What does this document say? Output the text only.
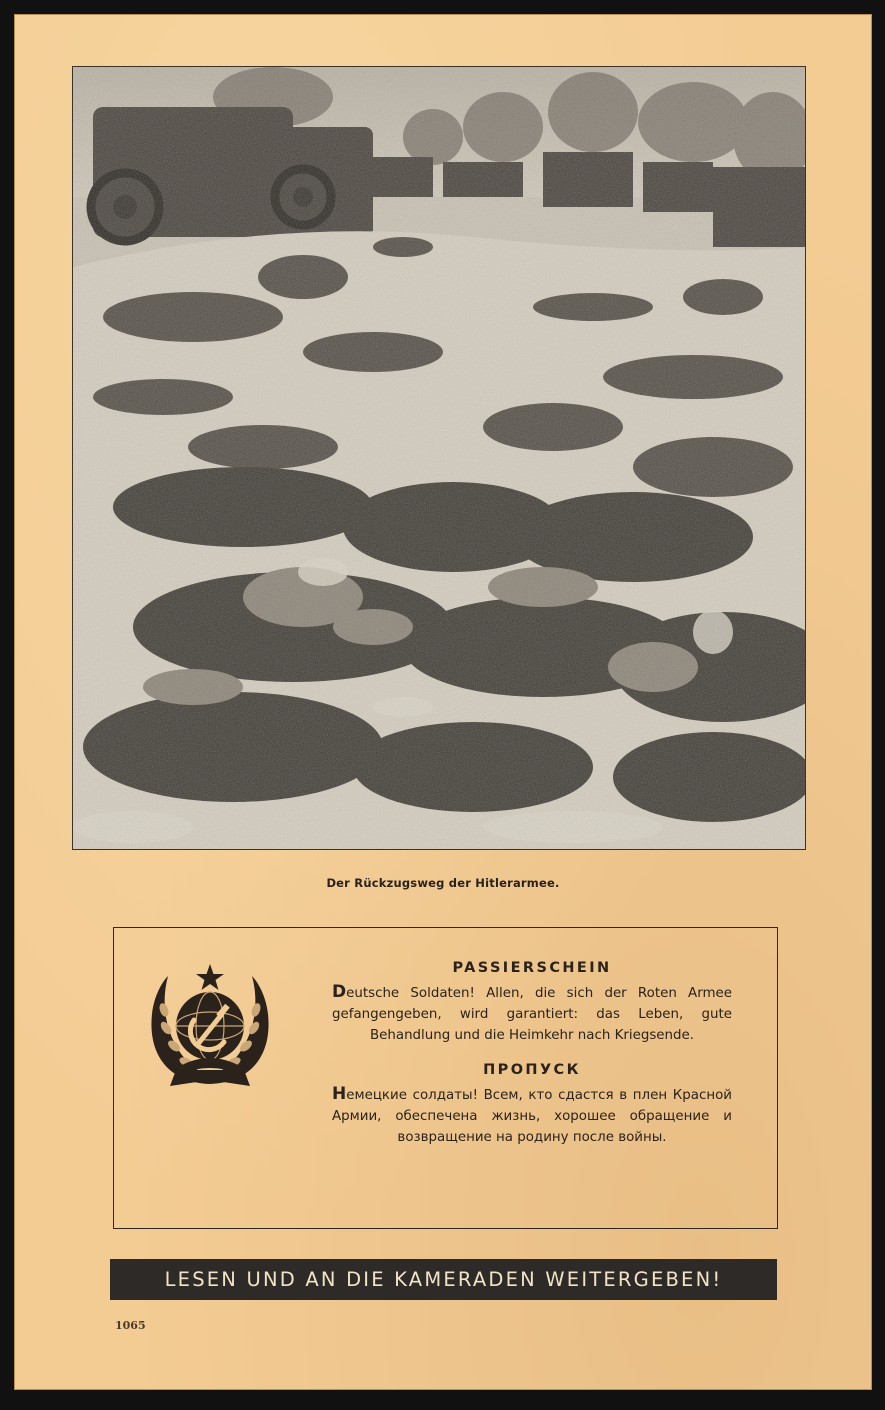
Der Rückzugsweg der Hitlerarmee.
PASSIERSCHEIN
Deutsche Soldaten! Allen, die sich der Roten Armee gefangengeben, wird garantiert: das Leben, gute Behandlung und die Heimkehr nach Kriegsende.
ПРОПУСК
Немецкие солдаты! Всем, кто сдастся в плен Красной Армии, обеспечена жизнь, хорошее обращение и возвращение на родину после войны.
LESEN UND AN DIE KAMERADEN WEITERGEBEN!
1065
